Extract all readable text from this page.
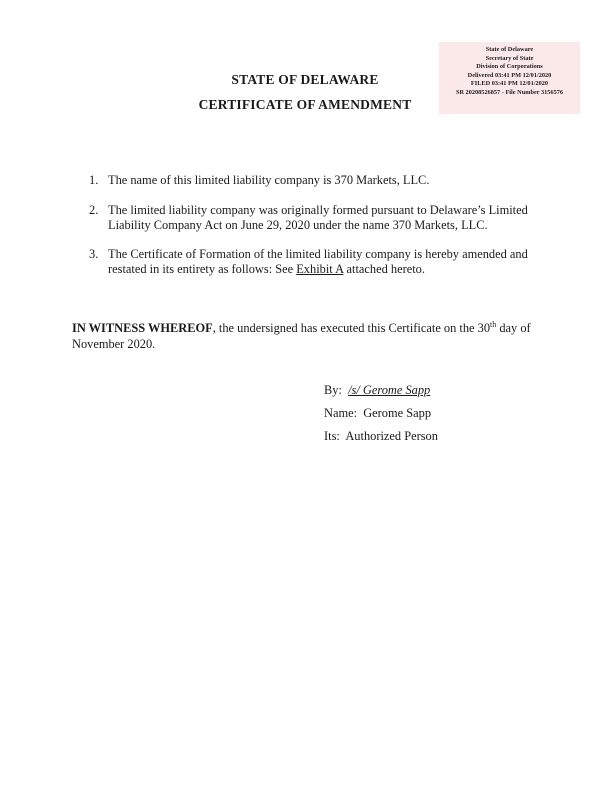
State of Delaware
Secretary of State
Division of Corporations
Delivered 03:41 PM 12/01/2020
FILED 03:41 PM 12/01/2020
SR 20208526857 - File Number 3156576
STATE OF DELAWARE
CERTIFICATE OF AMENDMENT
1. The name of this limited liability company is 370 Markets, LLC.
2. The limited liability company was originally formed pursuant to Delaware’s Limited
Liability Company Act on June 29, 2020 under the name 370 Markets, LLC.
3. The Certificate of Formation of the limited liability company is hereby amended and
restated in its entirety as follows: See Exhibit A attached hereto.
IN WITNESS WHEREOF, the undersigned has executed this Certificate on the 30th day of
November 2020.
By: /s/ Gerome Sapp
Name: Gerome Sapp
Its: Authorized Person
